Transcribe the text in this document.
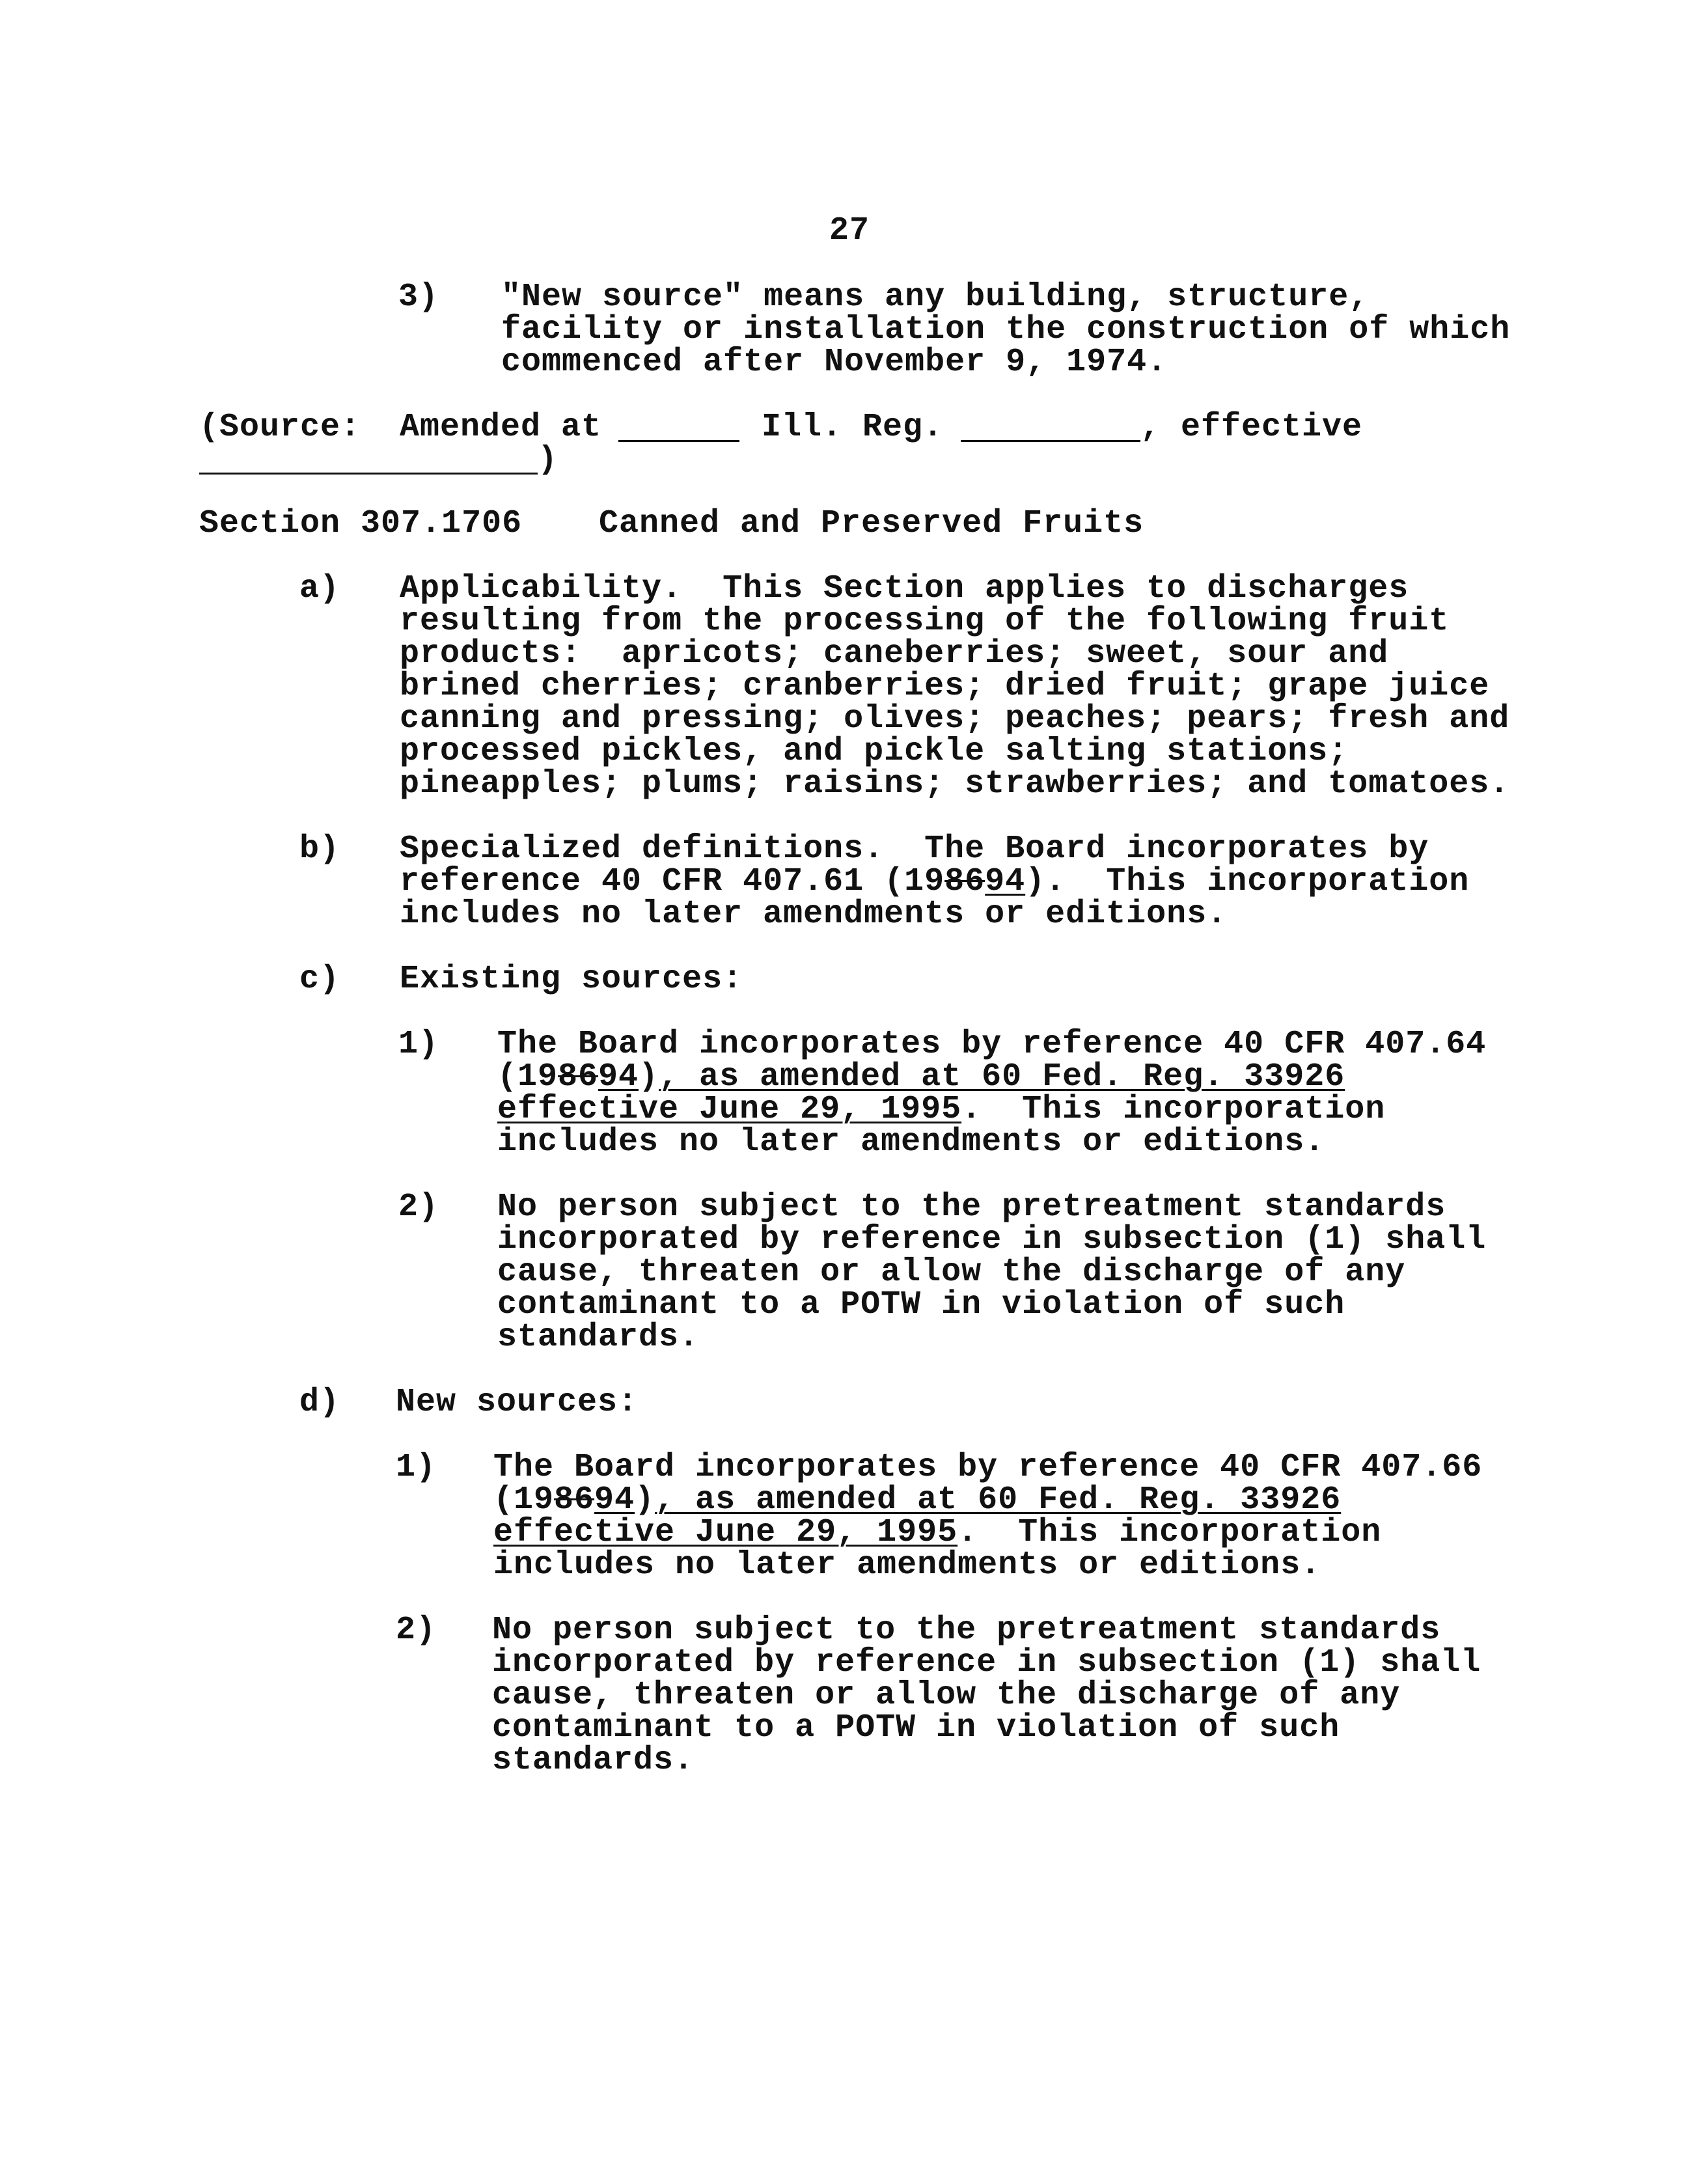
27
3) "New source" means any building, structure,
facility or installation the construction of which
commenced after November 9, 1974.
(Source: Amended at	Ill. Reg.	, effective
)
Section 307.1706 Canned and Preserved Fruits
a) Applicability.  This Section applies to discharges
resulting from the processing of the following fruit
products:  apricots; caneberries; sweet, sour and
brined cherries; cranberries; dried fruit; grape juice
canning and pressing; olives; peaches; pears; fresh and
processed pickles, and pickle salting stations;
pineapples; plums; raisins; strawberries; and tomatoes.
b) Specialized definitions.  The Board incorporates by
reference 40 CFR 407.61 (198694).  This incorporation
includes no later amendments or editions.
c) Existing sources:
1) The Board incorporates by reference 40 CFR 407.64
(198694), as amended at 60 Fed. Reg. 33926
effective June 29, 1995.  This incorporation
includes no later amendments or editions.
2) No person subject to the pretreatment standards
incorporated by reference in subsection (1) shall
cause, threaten or allow the discharge of any
contaminant to a POTW in violation of such
standards.
d) New sources:
1) The Board incorporates by reference 40 CFR 407.66
(198694), as amended at 60 Fed. Reg. 33926
effective June 29, 1995.  This incorporation
includes no later amendments or editions.
2) No person subject to the pretreatment standards
incorporated by reference in subsection (1) shall
cause, threaten or allow the discharge of any
contaminant to a POTW in violation of such
standards.
